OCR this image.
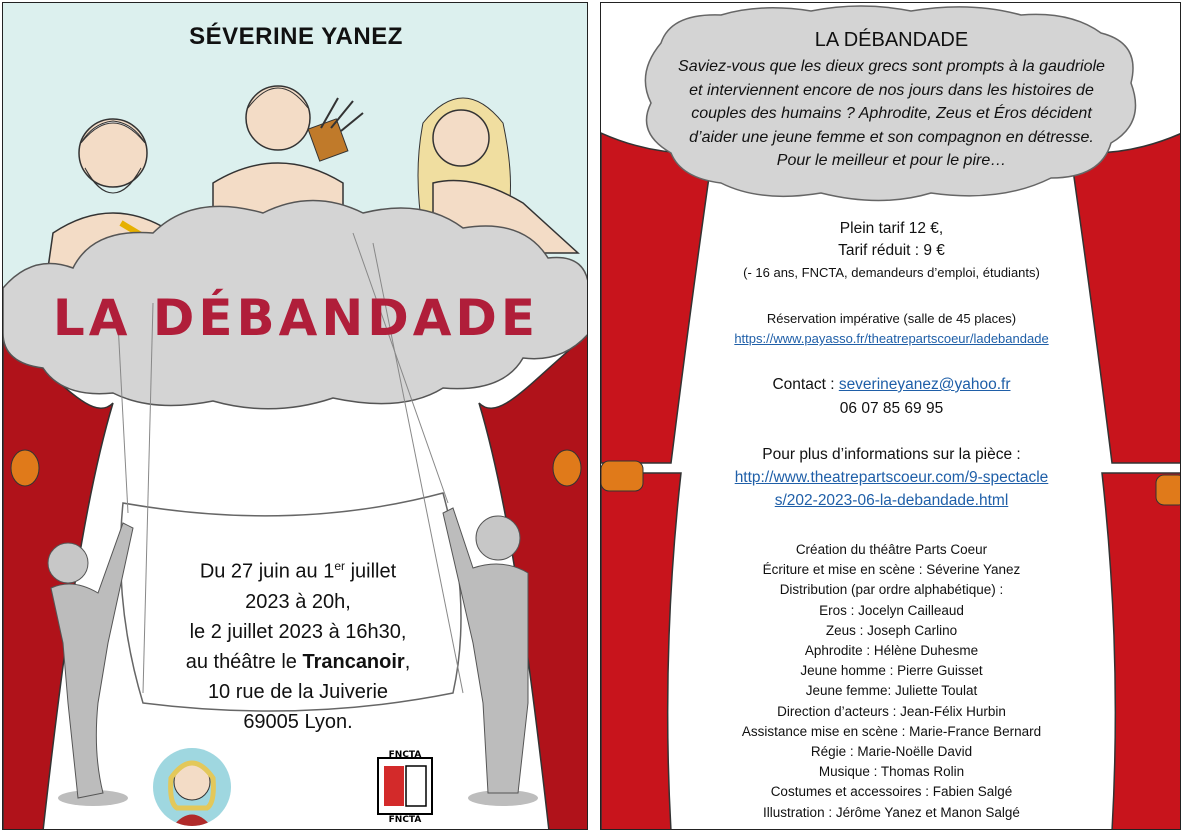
SÉVERINE YANEZ
LA DÉBANDADE
Du 27 juin au 1er juillet
2023 à 20h,
le 2 juillet 2023 à 16h30,
au théâtre le Trancanoir,
10 rue de la Juiverie
69005 Lyon.
FNCTA
FNCTA
LA DÉBANDADE
Saviez-vous que les dieux grecs sont prompts à la gaudriole
et interviennent encore de nos jours dans les histoires de
couples des humains ? Aphrodite, Zeus et Éros décident
d’aider une jeune femme et son compagnon en détresse.
Pour le meilleur et pour le pire…
Plein tarif 12 €,
Tarif réduit : 9 €
(- 16 ans, FNCTA, demandeurs d’emploi, étudiants)
Réservation impérative (salle de 45 places)
https://www.payasso.fr/theatrepartscoeur/ladebandade
Contact : severineyanez@yahoo.fr
06 07 85 69 95
Pour plus d’informations sur la pièce :
http://www.theatrepartscoeur.com/9-spectacle
s/202-2023-06-la-debandade.html
Création du théâtre Parts Coeur
Écriture et mise en scène : Séverine Yanez
Distribution (par ordre alphabétique) :
Eros : Jocelyn Cailleaud
Zeus : Joseph Carlino
Aphrodite : Hélène Duhesme
Jeune homme : Pierre Guisset
Jeune femme: Juliette Toulat
Direction d’acteurs : Jean-Félix Hurbin
Assistance mise en scène : Marie-France Bernard
Régie : Marie-Noëlle David
Musique : Thomas Rolin
Costumes et accessoires : Fabien Salgé
Illustration : Jérôme Yanez et Manon Salgé
